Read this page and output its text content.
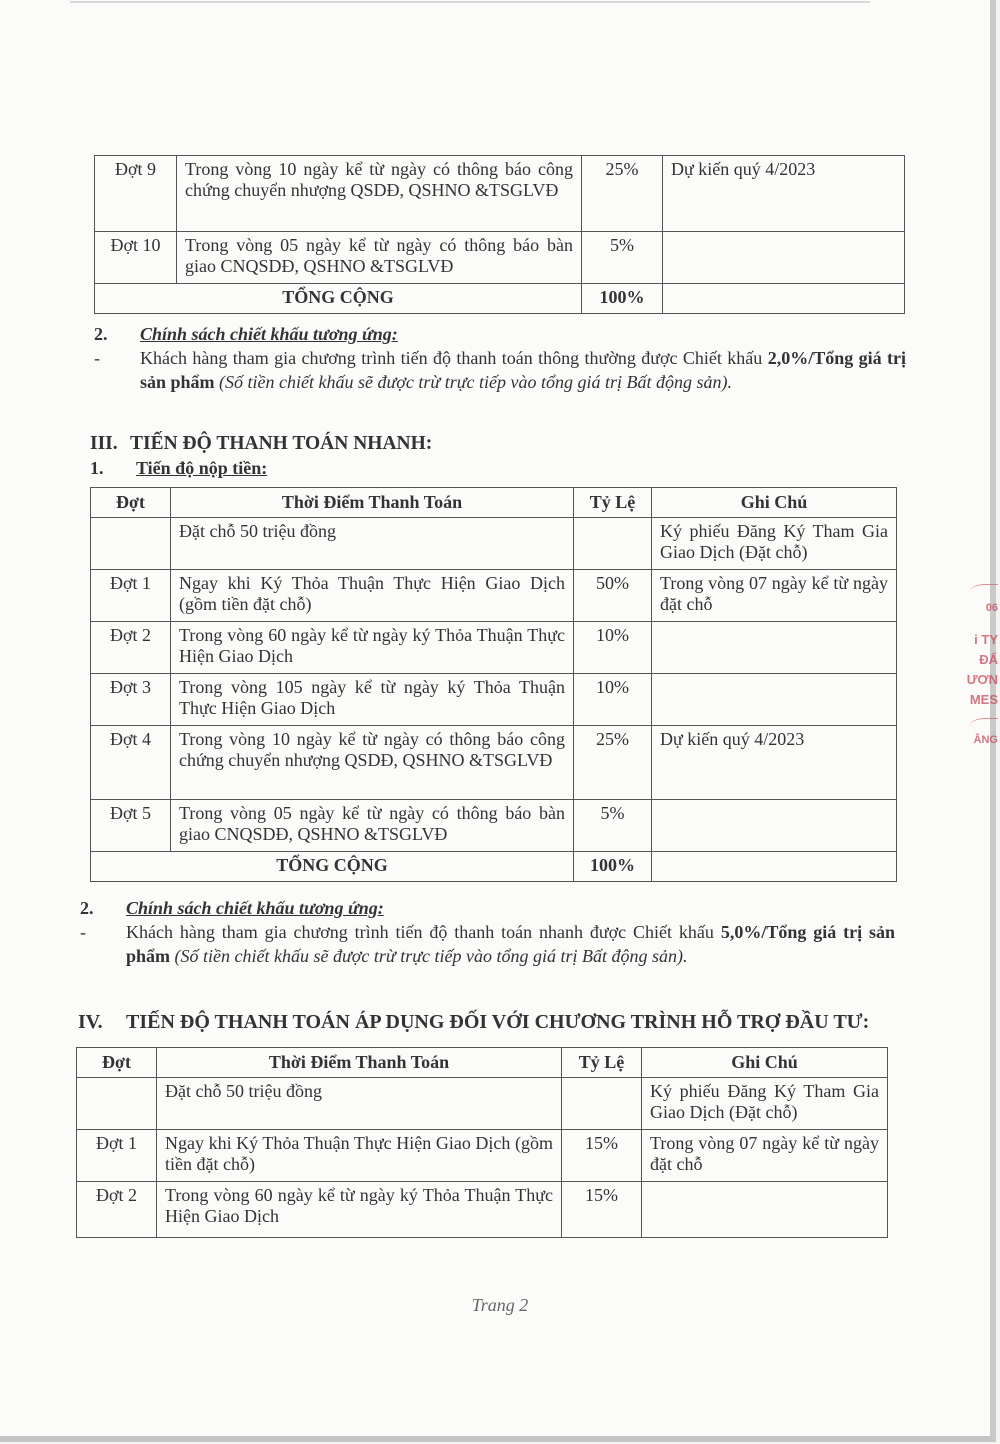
Đợt 9	Trong vòng 10 ngày kể từ ngày có thông báo công chứng chuyển nhượng QSDĐ, QSHNO &TSGLVĐ	25%	Dự kiến quý 4/2023
Đợt 10	Trong vòng 05 ngày kể từ ngày có thông báo bàn giao CNQSDĐ, QSHNO &TSGLVĐ	5%	
TỔNG CỘNG		100%	
2. Chính sách chiết khấu tương ứng:
-	Khách hàng tham gia chương trình tiến độ thanh toán thông thường được Chiết khấu 2,0%/Tổng giá trị sản phẩm (Số tiền chiết khấu sẽ được trừ trực tiếp vào tổng giá trị Bất động sản).
III. TIẾN ĐỘ THANH TOÁN NHANH:
1. Tiến độ nộp tiền:
Đợt	Thời Điểm Thanh Toán	Tỷ Lệ	Ghi Chú
	Đặt chỗ 50 triệu đồng		Ký phiếu Đăng Ký Tham Gia Giao Dịch (Đặt chỗ)
Đợt 1	Ngay khi Ký Thỏa Thuận Thực Hiện Giao Dịch (gồm tiền đặt chỗ)	50%	Trong vòng 07 ngày kể từ ngày đặt chỗ
Đợt 2	Trong vòng 60 ngày kể từ ngày ký Thỏa Thuận Thực Hiện Giao Dịch	10%	
Đợt 3	Trong vòng 105 ngày kể từ ngày ký Thỏa Thuận Thực Hiện Giao Dịch	10%	
Đợt 4	Trong vòng 10 ngày kể từ ngày có thông báo công chứng chuyển nhượng QSDĐ, QSHNO &TSGLVĐ	25%	Dự kiến quý 4/2023
Đợt 5	Trong vòng 05 ngày kể từ ngày có thông báo bàn giao CNQSDĐ, QSHNO &TSGLVĐ	5%	
TỔNG CỘNG		100%	
2. Chính sách chiết khấu tương ứng:
-	Khách hàng tham gia chương trình tiến độ thanh toán nhanh được Chiết khấu 5,0%/Tổng giá trị sản phẩm (Số tiền chiết khấu sẽ được trừ trực tiếp vào tổng giá trị Bất động sản).
IV. TIẾN ĐỘ THANH TOÁN ÁP DỤNG ĐỐI VỚI CHƯƠNG TRÌNH HỖ TRỢ ĐẦU TƯ:
Đợt	Thời Điểm Thanh Toán	Tỷ Lệ	Ghi Chú
	Đặt chỗ 50 triệu đồng		Ký phiếu Đăng Ký Tham Gia Giao Dịch (Đặt chỗ)
Đợt 1	Ngay khi Ký Thỏa Thuận Thực Hiện Giao Dịch (gồm tiền đặt chỗ)	15%	Trong vòng 07 ngày kể từ ngày đặt chỗ
Đợt 2	Trong vòng 60 ngày kể từ ngày ký Thỏa Thuận Thực Hiện Giao Dịch	15%	
06
i TY
ĐẤ
ƯƠN
MES
ĂNG
Trang 2
